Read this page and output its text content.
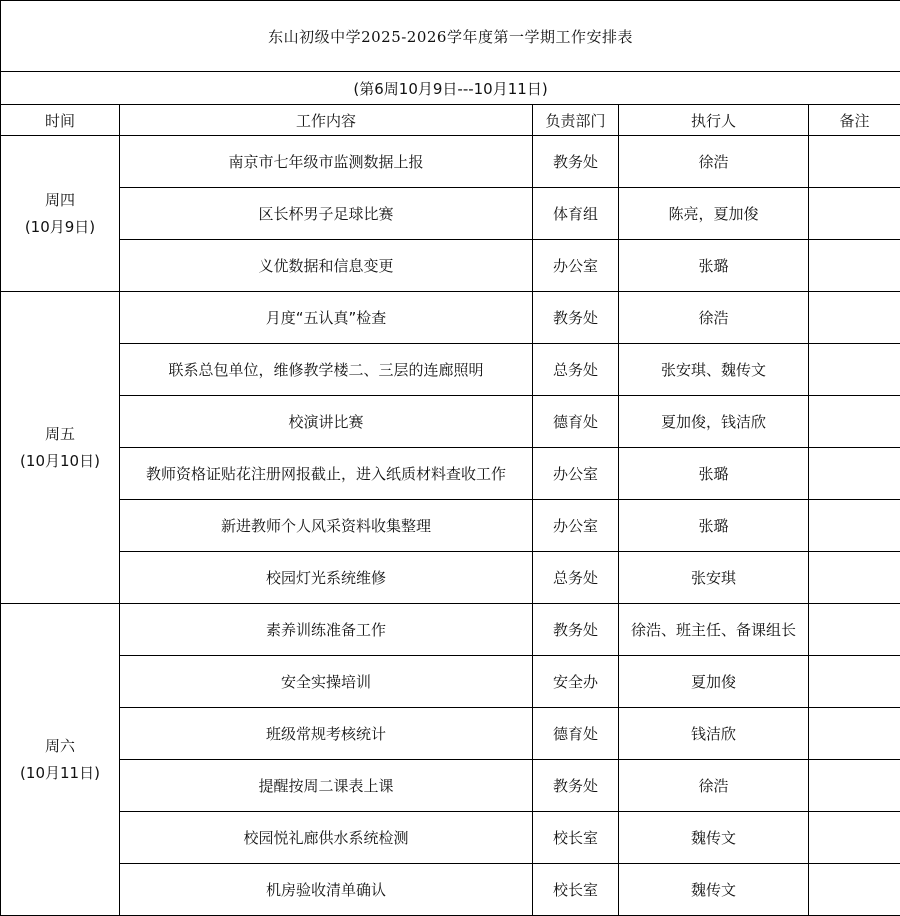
东山初级中学2025-2026学年度第一学期工作安排表				
(第6周10月9日---10月11日)				
时间	工作内容	负责部门	执行人	备注

周四
(10月9日)	南京市七年级市监测数据上报	教务处	徐浩	
	区长杯男子足球比赛	体育组	陈亮，夏加俊	
	义优数据和信息变更	办公室	张璐	

周五
(10月10日)	月度“五认真”检查	教务处	徐浩	
	联系总包单位，维修教学楼二、三层的连廊照明	总务处	张安琪、魏传文	
	校演讲比赛	德育处	夏加俊，钱洁欣	
	教师资格证贴花注册网报截止，进入纸质材料查收工作	办公室	张璐	
	新进教师个人风采资料收集整理	办公室	张璐	
	校园灯光系统维修	总务处	张安琪	

周六
(10月11日)	素养训练准备工作	教务处	徐浩、班主任、备课组长	
	安全实操培训	安全办	夏加俊	
	班级常规考核统计	德育处	钱洁欣	
	提醒按周二课表上课	教务处	徐浩	
	校园悦礼廊供水系统检测	校长室	魏传文	
	机房验收清单确认	校长室	魏传文	
